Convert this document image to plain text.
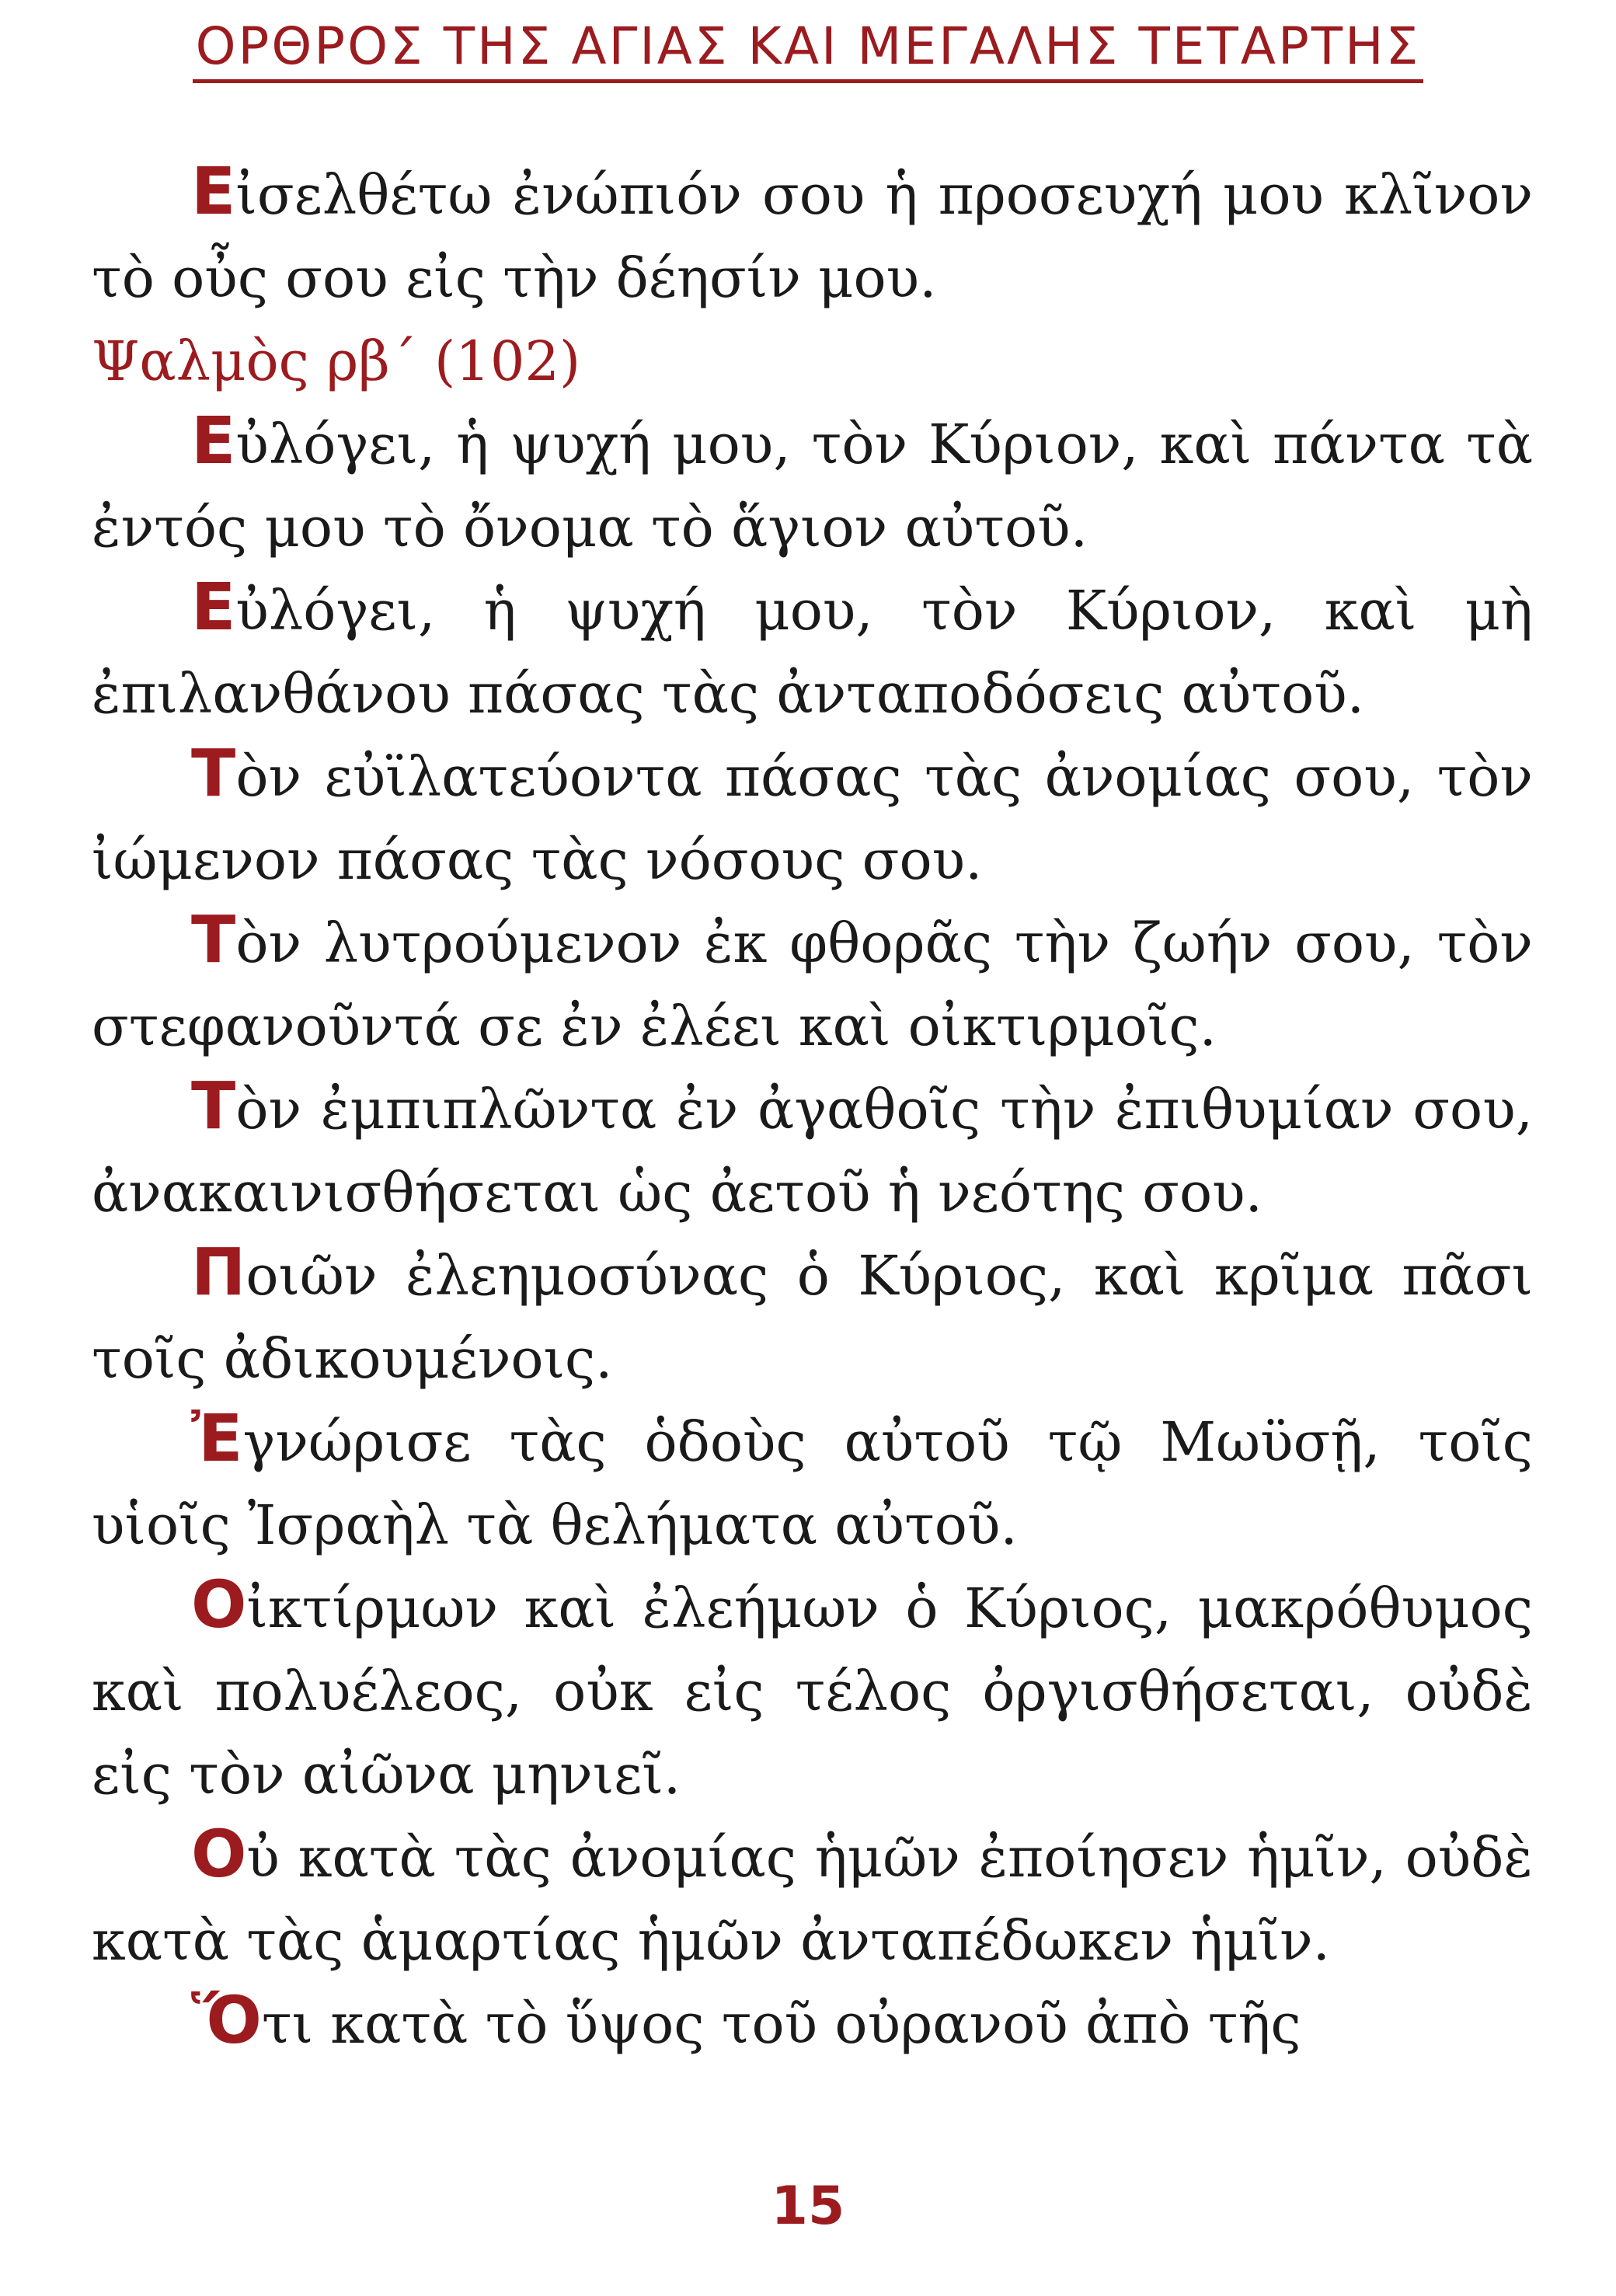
ΟΡΘΡΟΣ ΤΗΣ ΑΓΙΑΣ ΚΑΙ ΜΕΓΑΛΗΣ ΤΕΤΑΡΤΗΣ

Εἰσελθέτω ἐνώπιόν σου ἡ προσευχή μου κλῖνον τὸ οὖς σου εἰς τὴν δέησίν μου.

Ψαλμὸς ρβ΄ (102)

Εὐλόγει, ἡ ψυχή μου, τὸν Κύριον, καὶ πάντα τὰ ἐντός μου τὸ ὄνομα τὸ ἅγιον αὐτοῦ.

Εὐλόγει, ἡ ψυχή μου, τὸν Κύριον, καὶ μὴ ἐπιλανθάνου πάσας τὰς ἀνταποδόσεις αὐτοῦ.

Τὸν εὐϊλατεύοντα πάσας τὰς ἀνομίας σου, τὸν ἰώμενον πάσας τὰς νόσους σου.

Τὸν λυτρούμενον ἐκ φθορᾶς τὴν ζωήν σου, τὸν στεφανοῦντά σε ἐν ἐλέει καὶ οἰκτιρμοῖς.

Τὸν ἐμπιπλῶντα ἐν ἀγαθοῖς τὴν ἐπιθυμίαν σου, ἀνακαινισθήσεται ὡς ἀετοῦ ἡ νεότης σου.

Ποιῶν ἐλεημοσύνας ὁ Κύριος, καὶ κρῖμα πᾶσι τοῖς ἀδικουμένοις.

Ἐγνώρισε τὰς ὁδοὺς αὐτοῦ τῷ Μωϋσῇ, τοῖς υἱοῖς Ἰσραὴλ τὰ θελήματα αὐτοῦ.

Οἰκτίρμων καὶ ἐλεήμων ὁ Κύριος, μακρόθυμος καὶ πολυέλεος, οὐκ εἰς τέλος ὀργισθήσεται, οὐδὲ εἰς τὸν αἰῶνα μηνιεῖ.

Οὐ κατὰ τὰς ἀνομίας ἡμῶν ἐποίησεν ἡμῖν, οὐδὲ κατὰ τὰς ἁμαρτίας ἡμῶν ἀνταπέδωκεν ἡμῖν.

Ὅτι κατὰ τὸ ὕψος τοῦ οὐρανοῦ ἀπὸ τῆς

15
